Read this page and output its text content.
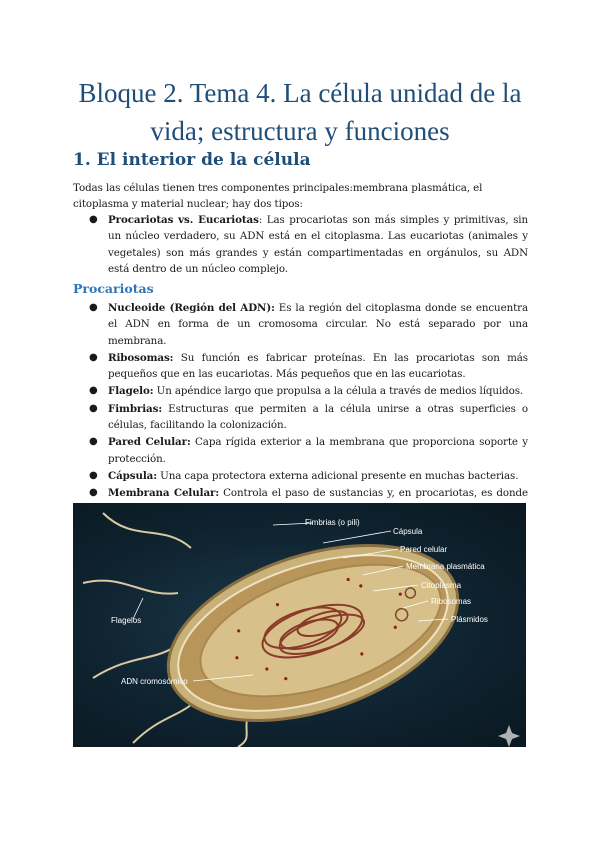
Bloque 2. Tema 4. La célula unidad de la vida; estructura y funciones
1. El interior de la célula

Todas las células tienen tres componentes principales:membrana plasmática, el citoplasma y material nuclear; hay dos tipos:

● Procariotas vs. Eucariotas: Las procariotas son más simples y primitivas, sin un núcleo verdadero, su ADN está en el citoplasma. Las eucariotas (animales y vegetales) son más grandes y están compartimentadas en orgánulos, su ADN está dentro de un núcleo complejo.
Procariotas
● Nucleoide (Región del ADN): Es la región del citoplasma donde se encuentra el ADN en forma de un cromosoma circular. No está separado por una membrana.
● Ribosomas: Su función es fabricar proteínas. En las procariotas son más pequeños que en las eucariotas. Más pequeños que en las eucariotas.
● Flagelo: Un apéndice largo que propulsa a la célula a través de medios líquidos.
● Fimbrias: Estructuras que permiten a la célula unirse a otras superficies o células, facilitando la colonización.
● Pared Celular: Capa rígida exterior a la membrana que proporciona soporte y protección.
● Cápsula: Una capa protectora externa adicional presente en muchas bacterias.
● Membrana Celular: Controla el paso de sustancias y, en procariotas, es donde
Fimbrias (o pili)
Cápsula
Pared celular
Membrana plasmática
Citoplasma
Ribosomas
Plásmidos
Flagelos
ADN cromosómico
